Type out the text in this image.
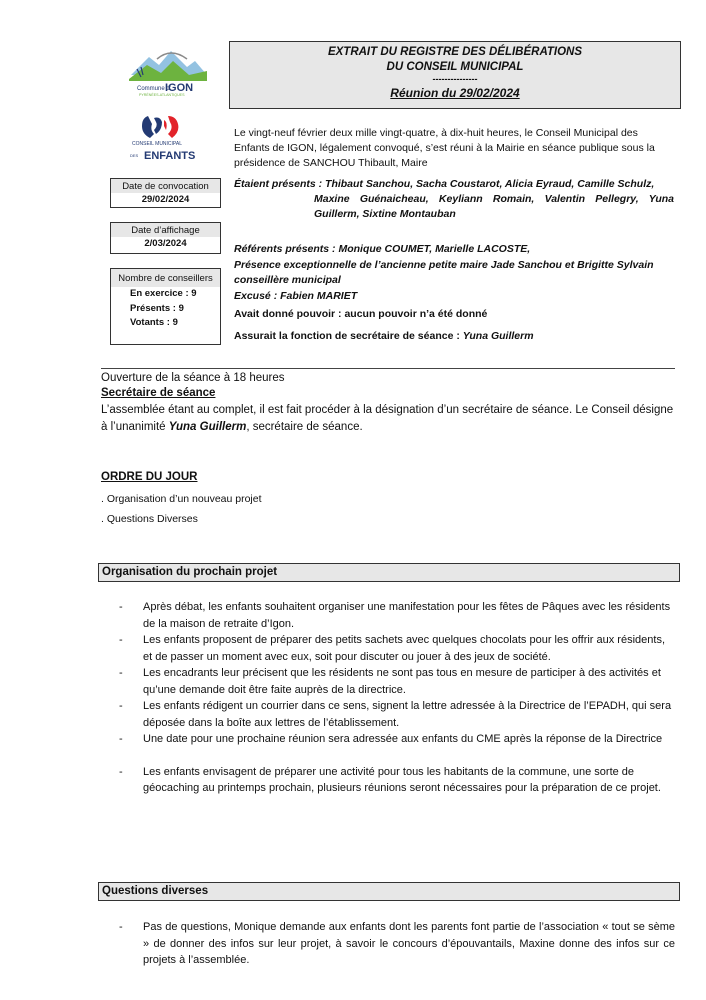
Commune d'
IGON
PYRÉNÉES-ATLANTIQUES
CONSEIL MUNICIPAL
DES ENFANTS
EXTRAIT DU REGISTRE DES DÉLIBÉRATIONS
DU CONSEIL MUNICIPAL
---------------
Réunion du 29/02/2024
Date de convocation
29/02/2024
Date d’affichage
2/03/2024
Nombre de conseillers
En exercice : 9
Présents : 9
Votants : 9
Le vingt-neuf février deux mille vingt-quatre, à dix-huit heures, le Conseil Municipal des Enfants de IGON, légalement convoqué, s’est réuni à la Mairie en séance publique sous la présidence de SANCHOU Thibault, Maire
Étaient présents : Thibaut Sanchou, Sacha Coustarot, Alicia Eyraud, Camille Schulz,
Maxine Guénaicheau, Keyliann Romain, Valentin Pellegry, Yuna Guillerm, Sixtine Montauban
Référents présents : Monique COUMET, Marielle LACOSTE,
Présence exceptionnelle de l’ancienne petite maire Jade Sanchou et Brigitte Sylvain conseillère municipal
Excusé : Fabien MARIET
Avait donné pouvoir : aucun pouvoir n’a été donné
Assurait la fonction de secrétaire de séance : Yuna Guillerm
Ouverture de la séance à 18 heures
Secrétaire de séance
L’assemblée étant au complet, il est fait procéder à la désignation d’un secrétaire de séance. Le Conseil désigne à l’unanimité Yuna Guillerm, secrétaire de séance.
ORDRE DU JOUR
. Organisation d’un nouveau projet
. Questions Diverses
Organisation du prochain projet
- Après débat, les enfants souhaitent organiser une manifestation pour les fêtes de Pâques avec les résidents de la maison de retraite d’Igon.
- Les enfants proposent de préparer des petits sachets avec quelques chocolats pour les offrir aux résidents, et de passer un moment avec eux, soit pour discuter ou jouer à des jeux de société.
- Les encadrants leur précisent que les résidents ne sont pas tous en mesure de participer à des activités et qu’une demande doit être faite auprès de la directrice.
- Les enfants rédigent un courrier dans ce sens, signent la lettre adressée à la Directrice de l’EPADH, qui sera déposée dans la boîte aux lettres de l’établissement.
- Une date pour une prochaine réunion sera adressée aux enfants du CME après la réponse de la Directrice
- Les enfants envisagent de préparer une activité pour tous les habitants de la commune, une sorte de géocaching au printemps prochain, plusieurs réunions seront nécessaires pour la préparation de ce projet.
Questions diverses
- Pas de questions, Monique demande aux enfants dont les parents font partie de l’association « tout se sème » de donner des infos sur leur projet, à savoir le concours d’épouvantails, Maxine donne des infos sur ce projets à l’assemblée.
